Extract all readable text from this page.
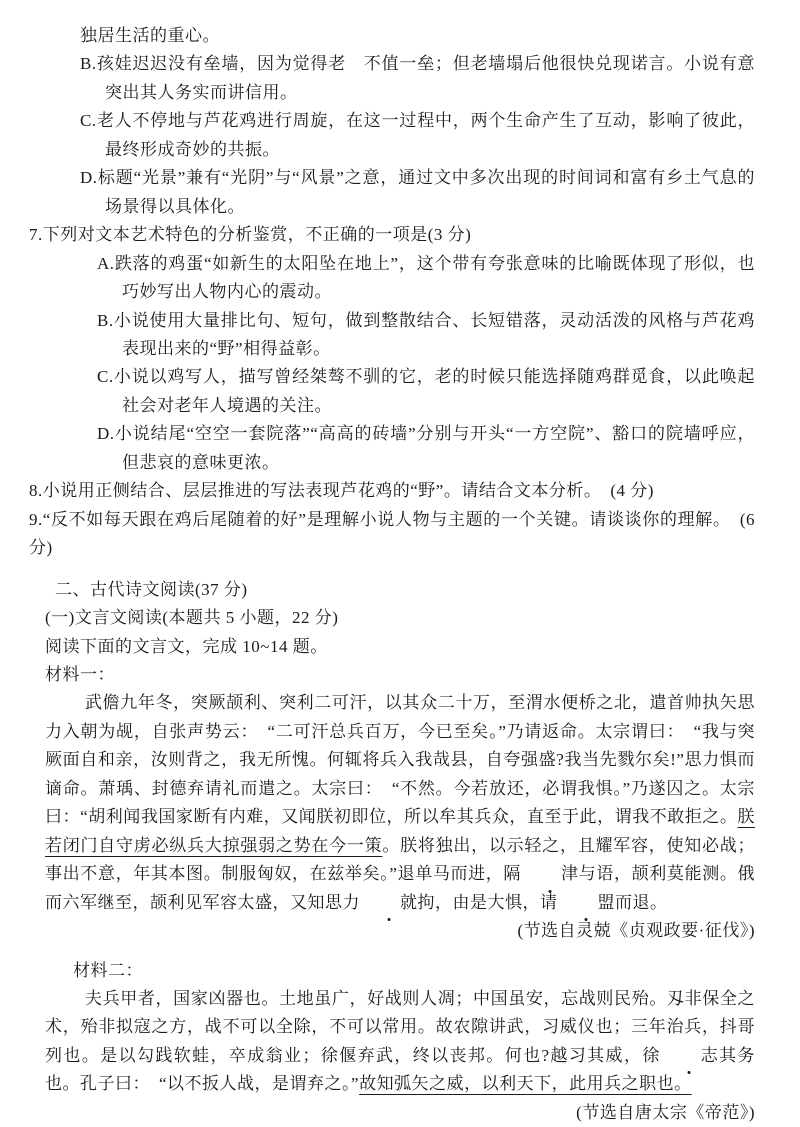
独居生活的重心。
B.孩娃迟迟没有垒墙，因为觉得老　不值一垒；但老墙塌后他很快兑现诺言。小说有意突出其人务实而讲信用。
C.老人不停地与芦花鸡进行周旋，在这一过程中，两个生命产生了互动，影响了彼此，最终形成奇妙的共振。
D.标题“光景”兼有“光阴”与“风景”之意，通过文中多次出现的时间词和富有乡土气息的场景得以具体化。
7.下列对文本艺术特色的分析鉴赏，不正确的一项是(3 分)
A.跌落的鸡蛋“如新生的太阳坠在地上”，这个带有夸张意味的比喻既体现了形似，也巧妙写出人物内心的震动。
B.小说使用大量排比句、短句，做到整散结合、长短错落，灵动活泼的风格与芦花鸡表现出来的“野”相得益彰。
C.小说以鸡写人，描写曾经桀骜不驯的它，老的时候只能选择随鸡群觅食，以此唤起社会对老年人境遇的关注。
D.小说结尾“空空一套院落”“高高的砖墙”分别与开头“一方空院”、豁口的院墙呼应，但悲哀的意味更浓。
8.小说用正侧结合、层层推进的写法表现芦花鸡的“野”。请结合文本分析。　(4 分)
9.“反不如每天跟在鸡后尾随着的好”是理解小说人物与主题的一个关键。请谈谈你的理解。　(6 分)
二、古代诗文阅读(37 分)
(一)文言文阅读(本题共 5 小题，22 分)
阅读下面的文言文，完成 10~14 题。
材料一：
武儋九年冬，突厥颉利、突利二可汗，以其众二十万，至渭水便桥之北，遣首帅执矢思力入朝为觇，自张声势云：　“二可汗总兵百万，今已至矣。”乃请返命。太宗谓曰：　“我与突厥面自和亲，汝则背之，我无所愧。何辄将兵入我哉县，自夸强盛?我当先戮尔矣!”思力惧而谪命。萧瑀、封德弃请礼而遣之。太宗曰：　“不然。今若放还，必谓我惧。”乃遂囚之。太宗曰：“胡利闻我国家断有内难，又闻朕初即位，所以牟其兵众，直至于此，谓我不敢拒之。朕若闭门自守虏必纵兵大掠强弱之势在今一策。朕将独出，以示轻之，且耀军容，使知必战；事出不意，年其本图。制服匈奴，在兹举矣。”退单马而进，隔 津与语，颉利莫能测。俄而六军继至，颉利见军容太盛，又知思力 就拘，由是大惧，请 盟而退。
(节选自灵兢《贞观政要·征伐》)
材料二：
夫兵甲者，国家凶器也。土地虽广，好战则人凋；中国虽安，忘战则民殆。刄非保全之术，殆非拟寇之方，战不可以全除，不可以常用。故农隙讲武，习威仪也；三年治兵，抖哥列也。是以勾践软蛙，卒成翁业；徐偃弃武，终以丧邦。何也?越习其威，徐 志其务也。孔子曰：　“以不扳人战，是谓弃之。”故知弧矢之威，以利天下，此用兵之职也。
(节选自唐太宗《帝范》)
